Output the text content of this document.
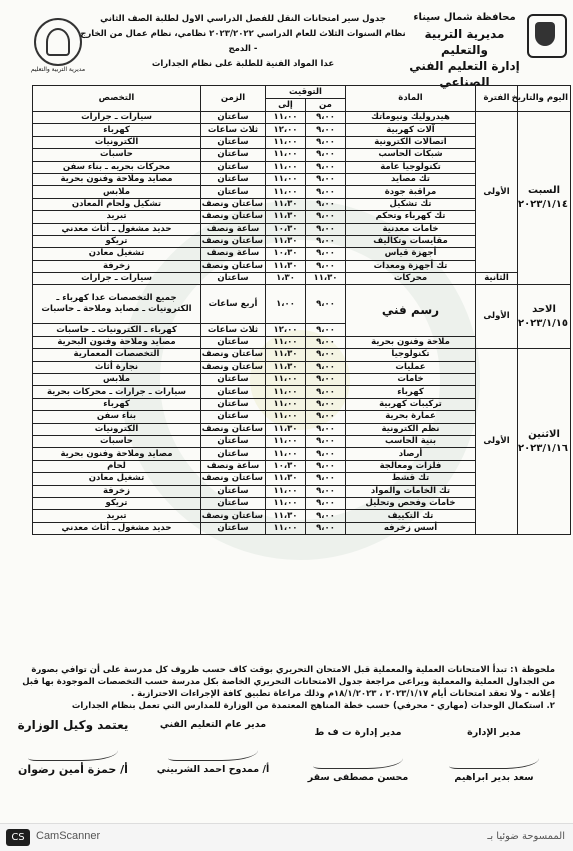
محافظة شمال سيناء
مديرية التربية والتعليم
إدارة التعليم الفني الصناعي
جدول سير امتحانات النقل للفصل الدراسي الاول لطلبة الصف الثاني
نظام السنوات الثلاث للعام الدراسي ٢٠٢٣/٢٠٢٢ نظامي، نظام عمال من الخارج - الدمج
عدا المواد الفنية للطلبة على نظام الجدارات
مديرية التربية والتعليم
اليوم والتاريخ	الفترة	المادة	التوقيت		الزمن	التخصص
			من	إلى		

السبت
٢٠٢٣/١/١٤	الأولى	هيدروليك ونيوماتك	٩،٠٠	١١،٠٠	ساعتان	سيارات ـ جرارات
		آلات كهربية	٩،٠٠	١٢،٠٠	ثلاث ساعات	كهرباء
		اتصالات الكترونية	٩،٠٠	١١،٠٠	ساعتان	الكترونيات
		شبكات الحاسب	٩،٠٠	١١،٠٠	ساعتان	حاسبات
		تكنولوجيا عامة	٩،٠٠	١١،٠٠	ساعتان	محركات بحريه ـ بناء سفن
		تك مصايد	٩،٠٠	١١،٠٠	ساعتان	مصايد وملاحة وفنون بحرية
		مراقبة جودة	٩،٠٠	١١،٠٠	ساعتان	ملابس
		تك تشكيل	٩،٠٠	١١،٣٠	ساعتان ونصف	تشكيل ولحام المعادن
		تك كهرباء وتحكم	٩،٠٠	١١،٣٠	ساعتان ونصف	تبريد
		خامات معدنية	٩،٠٠	١٠،٣٠	ساعة ونصف	حديد مشغول ـ أثاث معدني
		مقايسات وتكاليف	٩،٠٠	١١،٣٠	ساعتان ونصف	تريكو
		أجهزة قياس	٩،٠٠	١٠،٣٠	ساعة ونصف	تشغيل معادن
		تك أجهزة ومعدات	٩،٠٠	١١،٣٠	ساعتان ونصف	زخرفة
	الثانية	محركات	١١،٣٠	١،٣٠	ساعتان	سيارات ـ جرارات

الاحد
٢٠٢٣/١/١٥	الأولى	رسم فني	٩،٠٠	١،٠٠	أربع ساعات	جميع التخصصات عدا كهرباء ـ الكترونيات ـ مصايد وملاحة ـ حاسبات
			٩،٠٠	١٢،٠٠	ثلاث ساعات	كهرباء ـ الكترونيات ـ حاسبات
		ملاحة وفنون بحرية	٩،٠٠	١١،٠٠	ساعتان	مصايد وملاحة وفنون البحرية

الاثنين
٢٠٢٣/١/١٦	الأولى	تكنولوجيا	٩،٠٠	١١،٣٠	ساعتان ونصف	التخصصات المعمارية
		عمليات	٩،٠٠	١١،٣٠	ساعتان ونصف	نجارة أثاث
		خامات	٩،٠٠	١١،٠٠	ساعتان	ملابس
		كهرباء	٩،٠٠	١١،٠٠	ساعتان	سيارات ـ جرارات ـ محركات بحرية
		تركيبات كهربية	٩،٠٠	١١،٠٠	ساعتان	كهرباء
		عمارة بحرية	٩،٠٠	١١،٠٠	ساعتان	بناء سفن
		نظم الكترونية	٩،٠٠	١١،٣٠	ساعتان ونصف	الكترونيات
		بنية الحاسب	٩،٠٠	١١،٠٠	ساعتان	حاسبات
		أرصاد	٩،٠٠	١١،٠٠	ساعتان	مصايد وملاحة وفنون بحرية
		فلزات ومعالجة	٩،٠٠	١٠،٣٠	ساعة ونصف	لحام
		تك قشط	٩،٠٠	١١،٣٠	ساعتان ونصف	تشغيل معادن
		تك الخامات والمواد	٩،٠٠	١١،٠٠	ساعتان	زخرفة
		خامات وفحص وتحليل	٩،٠٠	١١،٠٠	ساعتان	تريكو
		تك التكييف	٩،٠٠	١١،٣٠	ساعتان ونصف	تبريد
		أسس زخرفه	٩،٠٠	١١،٠٠	ساعتان	حديد مشغول ـ أثاث معدني
ملحوظة ١: تبدأ الامتحانات العملية والمعملية قبل الامتحان التحريري بوقت كاف حسب ظروف كل مدرسة على أن توافي بصورة من الجداول العملية والمعملية ويراعى مراجعة جدول الامتحانات التحريري الخاصة بكل مدرسة حسب التخصصات الموجودة بها قبل إعلانه - ولا تعقد امتحانات أيام ٢٠٢٣/١/١٧ ، ١٨/١/٢٠٢٣م وذلك مراعاة تطبيق كافة الإجراءات الاحترازية .
٢. استكمال الوحدات (مهاري - محرفي) حسب خطة المناهج المعتمدة من الوزارة للمدارس التي تعمل بنظام الجدارات
مدير الإدارة
سعد بدير ابراهيم
مدير إدارة ت ف ط
محسن مصطفى سقر
مدير عام التعليم الفني
أ/ ممدوح احمد الشربيني
يعتمد وكيل الوزارة
أ/ حمزة أمين رضوان
CS	CamScanner	الممسوحة ضوئيا بـ
